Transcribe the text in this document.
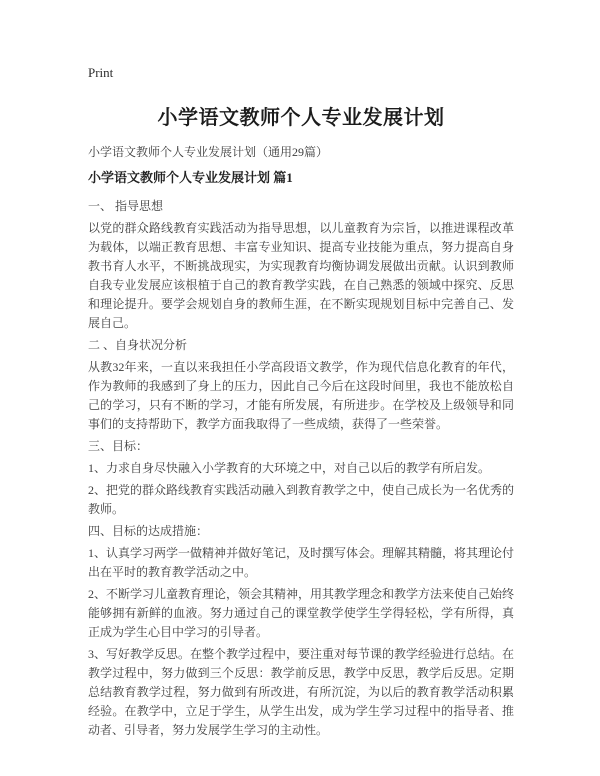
Print
小学语文教师个人专业发展计划

小学语文教师个人专业发展计划（通用29篇）

小学语文教师个人专业发展计划 篇1

一、 指导思想

以党的群众路线教育实践活动为指导思想，以儿童教育为宗旨，以推进课程改革为载体，以端正教育思想、丰富专业知识、提高专业技能为重点，努力提高自身教书育人水平，不断挑战现实，为实现教育均衡协调发展做出贡献。认识到教师自我专业发展应该根植于自己的教育教学实践，在自己熟悉的领域中探究、反思和理论提升。要学会规划自身的教师生涯，在不断实现规划目标中完善自己、发展自己。

二 、自身状况分析

从教32年来，一直以来我担任小学高段语文教学，作为现代信息化教育的年代，作为教师的我感到了身上的压力，因此自己今后在这段时间里，我也不能放松自己的学习，只有不断的学习，才能有所发展，有所进步。在学校及上级领导和同事们的支持帮助下，教学方面我取得了一些成绩，获得了一些荣誉。

三、目标：

1、力求自身尽快融入小学教育的大环境之中，对自己以后的教学有所启发。

2、把党的群众路线教育实践活动融入到教育教学之中，使自己成长为一名优秀的教师。

四、目标的达成措施：

1、认真学习两学一做精神并做好笔记，及时撰写体会。理解其精髓，将其理论付出在平时的教育教学活动之中。

2、不断学习儿童教育理论，领会其精神，用其教学理念和教学方法来使自己始终能够拥有新鲜的血液。努力通过自己的课堂教学使学生学得轻松，学有所得，真正成为学生心目中学习的引导者。

3、写好教学反思。在整个教学过程中，要注重对每节课的教学经验进行总结。在教学过程中，努力做到三个反思：教学前反思，教学中反思，教学后反思。定期总结教育教学过程，努力做到有所改进，有所沉淀，为以后的教育教学活动积累经验。在教学中，立足于学生，从学生出发，成为学生学习过程中的指导者、推动者、引导者，努力发展学生学习的主动性。
